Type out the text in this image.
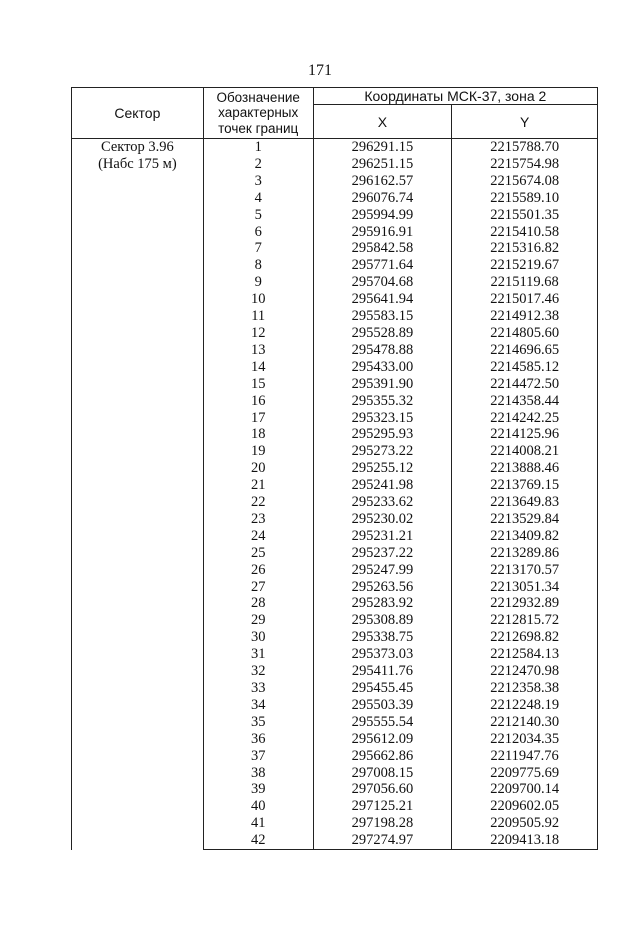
171
Сектор	Обозначение
характерных
точек границ	Координаты МСК-37, зона 2	
		X	Y

Сектор 3.96
(Набс 175 м)	1	296291.15	2215788.70
	2	296251.15	2215754.98
	3	296162.57	2215674.08
	4	296076.74	2215589.10
	5	295994.99	2215501.35
	6	295916.91	2215410.58
	7	295842.58	2215316.82
	8	295771.64	2215219.67
	9	295704.68	2215119.68
	10	295641.94	2215017.46
	11	295583.15	2214912.38
	12	295528.89	2214805.60
	13	295478.88	2214696.65
	14	295433.00	2214585.12
	15	295391.90	2214472.50
	16	295355.32	2214358.44
	17	295323.15	2214242.25
	18	295295.93	2214125.96
	19	295273.22	2214008.21
	20	295255.12	2213888.46
	21	295241.98	2213769.15
	22	295233.62	2213649.83
	23	295230.02	2213529.84
	24	295231.21	2213409.82
	25	295237.22	2213289.86
	26	295247.99	2213170.57
	27	295263.56	2213051.34
	28	295283.92	2212932.89
	29	295308.89	2212815.72
	30	295338.75	2212698.82
	31	295373.03	2212584.13
	32	295411.76	2212470.98
	33	295455.45	2212358.38
	34	295503.39	2212248.19
	35	295555.54	2212140.30
	36	295612.09	2212034.35
	37	295662.86	2211947.76
	38	297008.15	2209775.69
	39	297056.60	2209700.14
	40	297125.21	2209602.05
	41	297198.28	2209505.92
	42	297274.97	2209413.18
